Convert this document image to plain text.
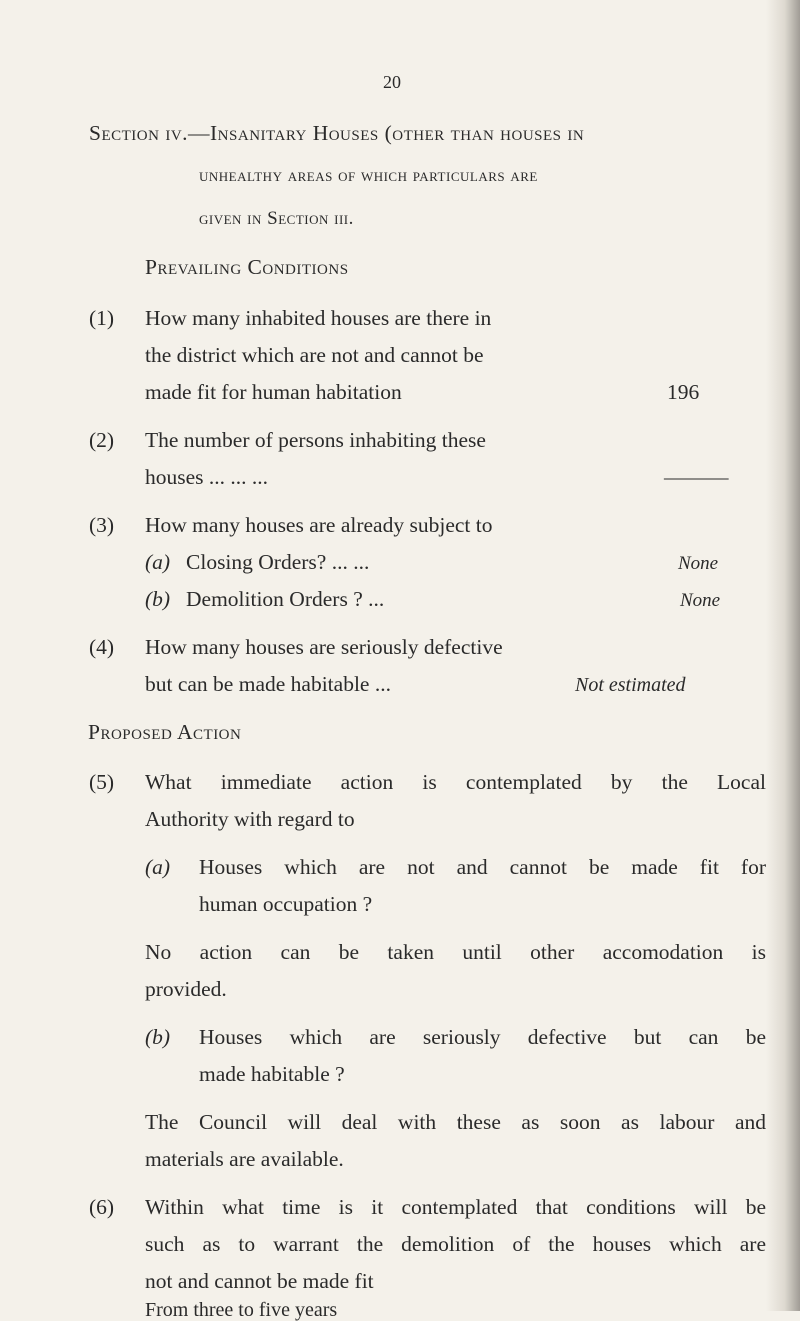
20
Section iv.—Insanitary Houses (other than houses in
unhealthy areas of which particulars are
given in Section iii.
Prevailing Conditions
(1) How many inhabited houses are there in
the district which are not and cannot be
made fit for human habitation	196
(2) The number of persons inhabiting these
houses ... ... ...	———
(3) How many houses are already subject to
(a) Closing Orders? ... ...	None
(b) Demolition Orders ? ...	None
(4) How many houses are seriously defective
but can be made habitable ...	Not estimated
Proposed Action
(5) What immediate action is contemplated by the Local
Authority with regard to
(a) Houses which are not and cannot be made fit for
human occupation ?
No action can be taken until other accomodation is
provided.
(b) Houses which are seriously defective but can be
made habitable ?
The Council will deal with these as soon as labour and
materials are available.
(6) Within what time is it contemplated that conditions will be
such as to warrant the demolition of the houses which are
not and cannot be made fit
From three to five years
